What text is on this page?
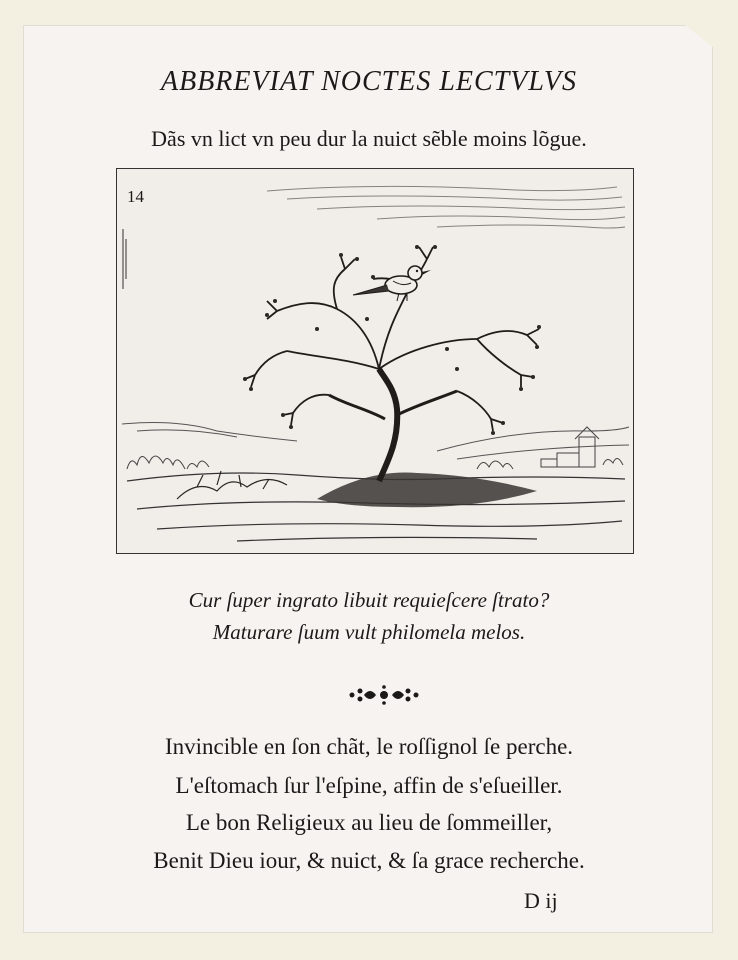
ABBREVIAT NOCTES LECTVLVS
Dãs vn lict vn peu dur la nuict sẽble moins lõgue.
14
Cur ſuper ingrato libuit requieſcere ſtrato?
Maturare ſuum vult philomela melos.
Invincible en ſon chãt, le roſſignol ſe perche.
L'eſtomach ſur l'eſpine, affin de s'eſueiller.
Le bon Religieux au lieu de ſommeiller,
Benit Dieu iour, & nuict, & ſa grace recherche.
D ij
